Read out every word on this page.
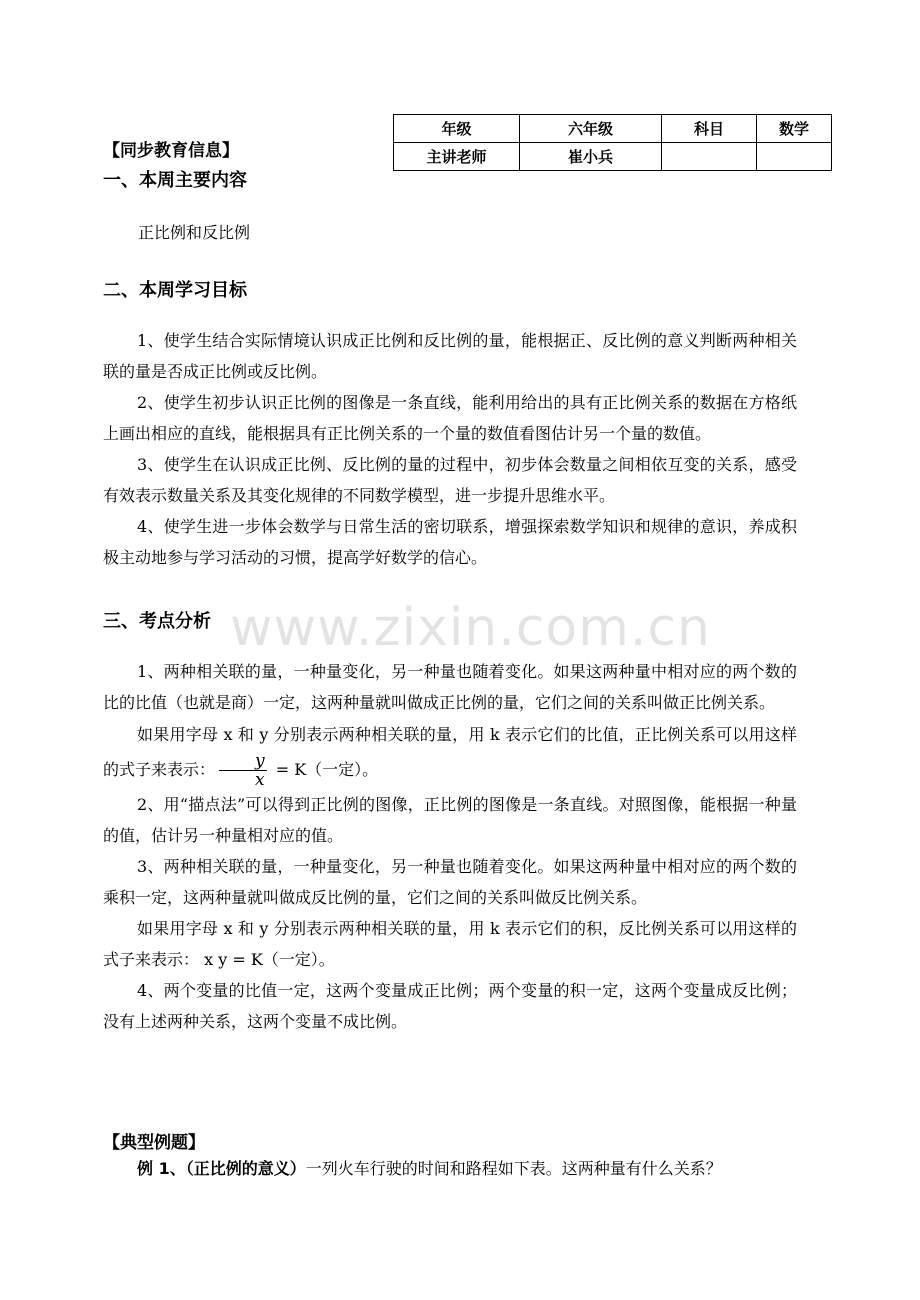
年级	六年级	科目	数学
主讲老师	崔小兵		
【同步教育信息】
一、本周主要内容
正比例和反比例
二、本周学习目标

1、使学生结合实际情境认识成正比例和反比例的量，能根据正、反比例的意义判断两种相关联的量是否成正比例或反比例。

2、使学生初步认识正比例的图像是一条直线，能利用给出的具有正比例关系的数据在方格纸上画出相应的直线，能根据具有正比例关系的一个量的数值看图估计另一个量的数值。

3、使学生在认识成正比例、反比例的量的过程中，初步体会数量之间相依互变的关系，感受有效表示数量关系及其变化规律的不同数学模型，进一步提升思维水平。

4、使学生进一步体会数学与日常生活的密切联系，增强探索数学知识和规律的意识，养成积极主动地参与学习活动的习惯，提高学好数学的信心。

三、考点分析 www.zixin.com.cn

1、两种相关联的量，一种量变化，另一种量也随着变化。如果这两种量中相对应的两个数的比的比值（也就是商）一定，这两种量就叫做成正比例的量，它们之间的关系叫做正比例关系。

如果用字母 x 和 y 分别表示两种相关联的量，用 k 表示它们的比值，正比例关系可以用这样的式子来表示： $\frac{y}{x} = K$（一定）。

2、用“描点法”可以得到正比例的图像，正比例的图像是一条直线。对照图像，能根据一种量的值，估计另一种量相对应的值。

3、两种相关联的量，一种量变化，另一种量也随着变化。如果这两种量中相对应的两个数的乘积一定，这两种量就叫做成反比例的量，它们之间的关系叫做反比例关系。

如果用字母 x 和 y 分别表示两种相关联的量，用 k 表示它们的积，反比例关系可以用这样的式子来表示： x y = K（一定）。

4、两个变量的比值一定，这两个变量成正比例；两个变量的积一定，这两个变量成反比例；没有上述两种关系，这两个变量不成比例。

【典型例题】
例 1、（正比例的意义）一列火车行驶的时间和路程如下表。这两种量有什么关系？
